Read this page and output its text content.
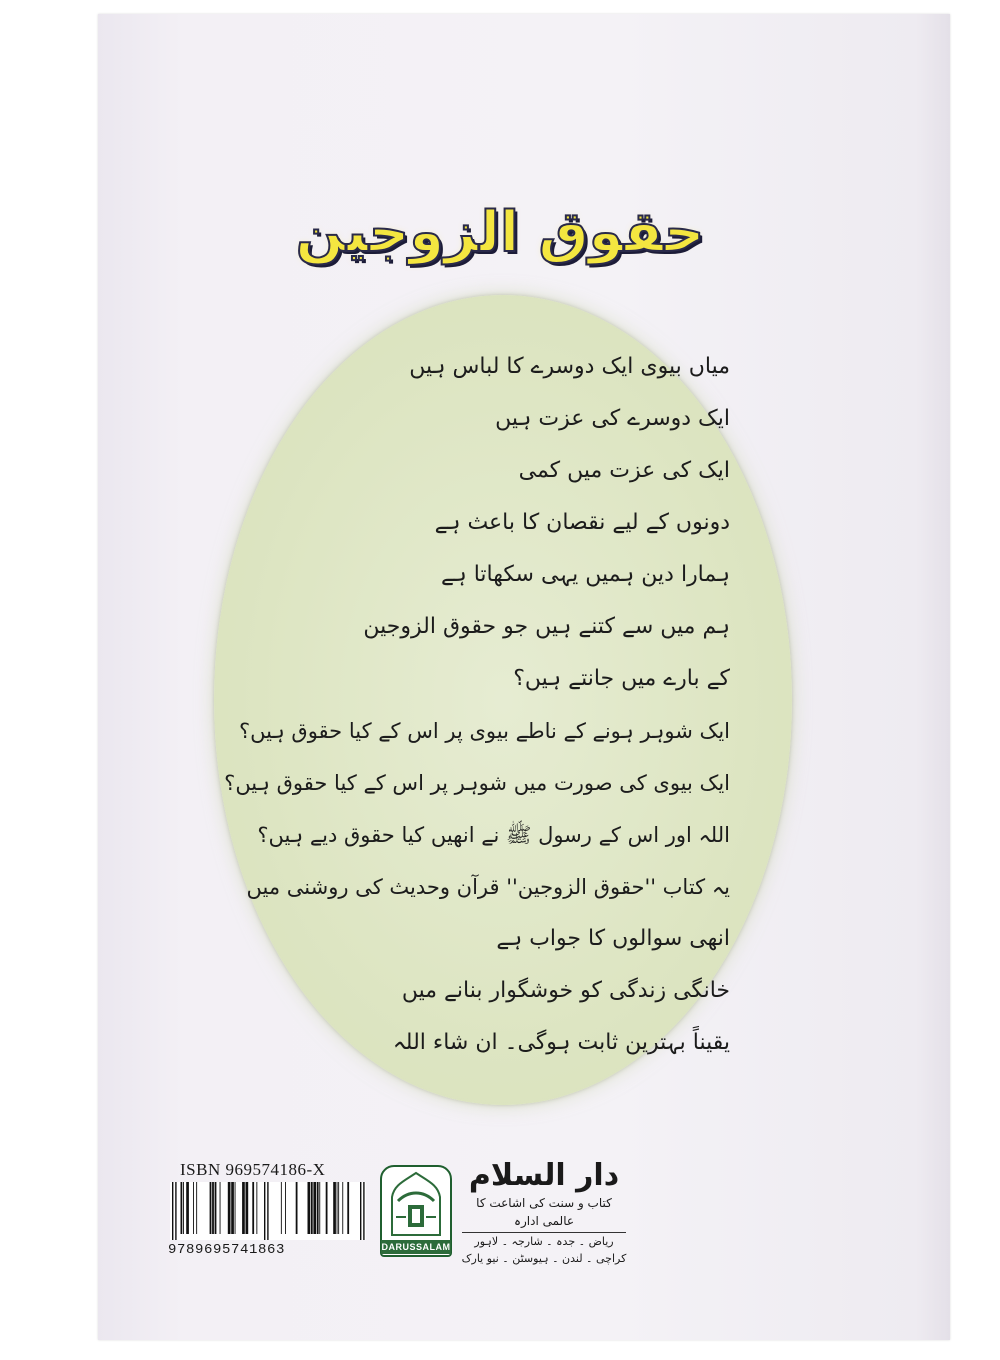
حقوق الزوجین
میاں بیوی ایک دوسرے کا لباس ہیں
ایک دوسرے کی عزت ہیں
ایک کی عزت میں کمی
دونوں کے لیے نقصان کا باعث ہے
ہمارا دین ہمیں یہی سکھاتا ہے
ہم میں سے کتنے ہیں جو حقوق الزوجین
کے بارے میں جانتے ہیں؟
ایک شوہر ہونے کے ناطے بیوی پر اس کے کیا حقوق ہیں؟
ایک بیوی کی صورت میں شوہر پر اس کے کیا حقوق ہیں؟
اللہ اور اس کے رسول ﷺ نے انھیں کیا حقوق دیے ہیں؟
یہ کتاب ''حقوق الزوجین'' قرآن وحدیث کی روشنی میں
انھی سوالوں کا جواب ہے
خانگی زندگی کو خوشگوار بنانے میں
یقیناً بہترین ثابت ہوگی۔ ان شاء اللہ
ISBN 969574186-X
9789695741863	DARUSSALAM
دار السلام
کتاب و سنت کی اشاعت کا عالمی ادارہ
ریاض ۔ جدہ ۔ شارجہ ۔ لاہور
کراچی ۔ لندن ۔ ہیوسٹن ۔ نیو یارک
